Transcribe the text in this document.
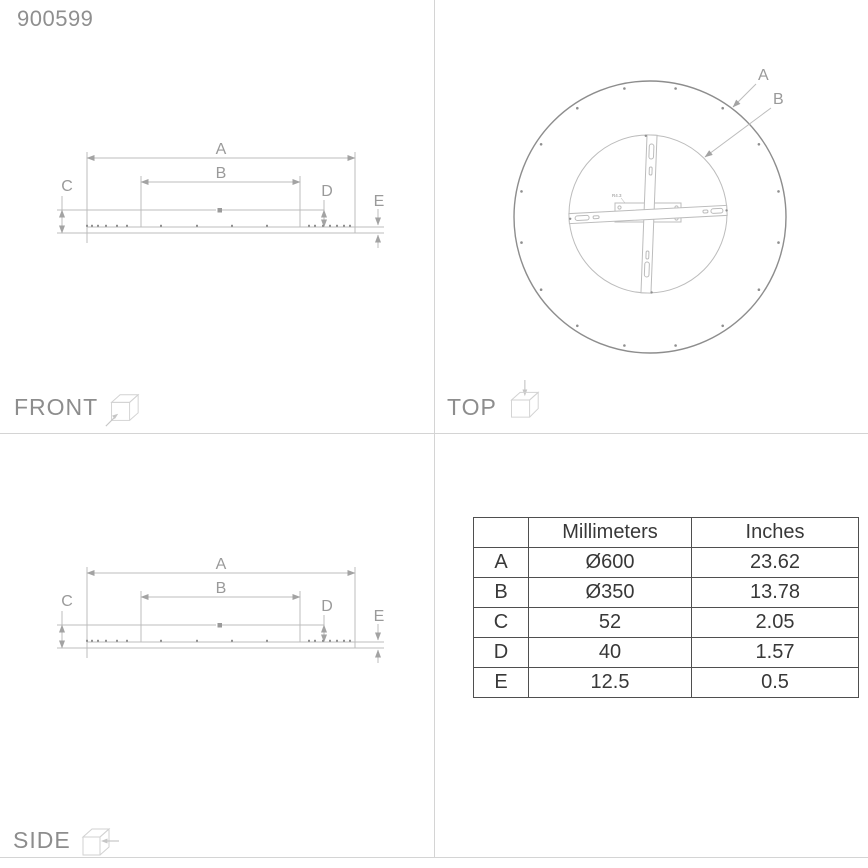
900599
A
B
C	D
E
A
B
R4.3
A
B
C	D
E
FRONT	TOP
SIDE
	Millimeters	Inches
A	Ø600	23.62
B	Ø350	13.78
C	52	2.05
D	40	1.57
E	12.5	0.5
